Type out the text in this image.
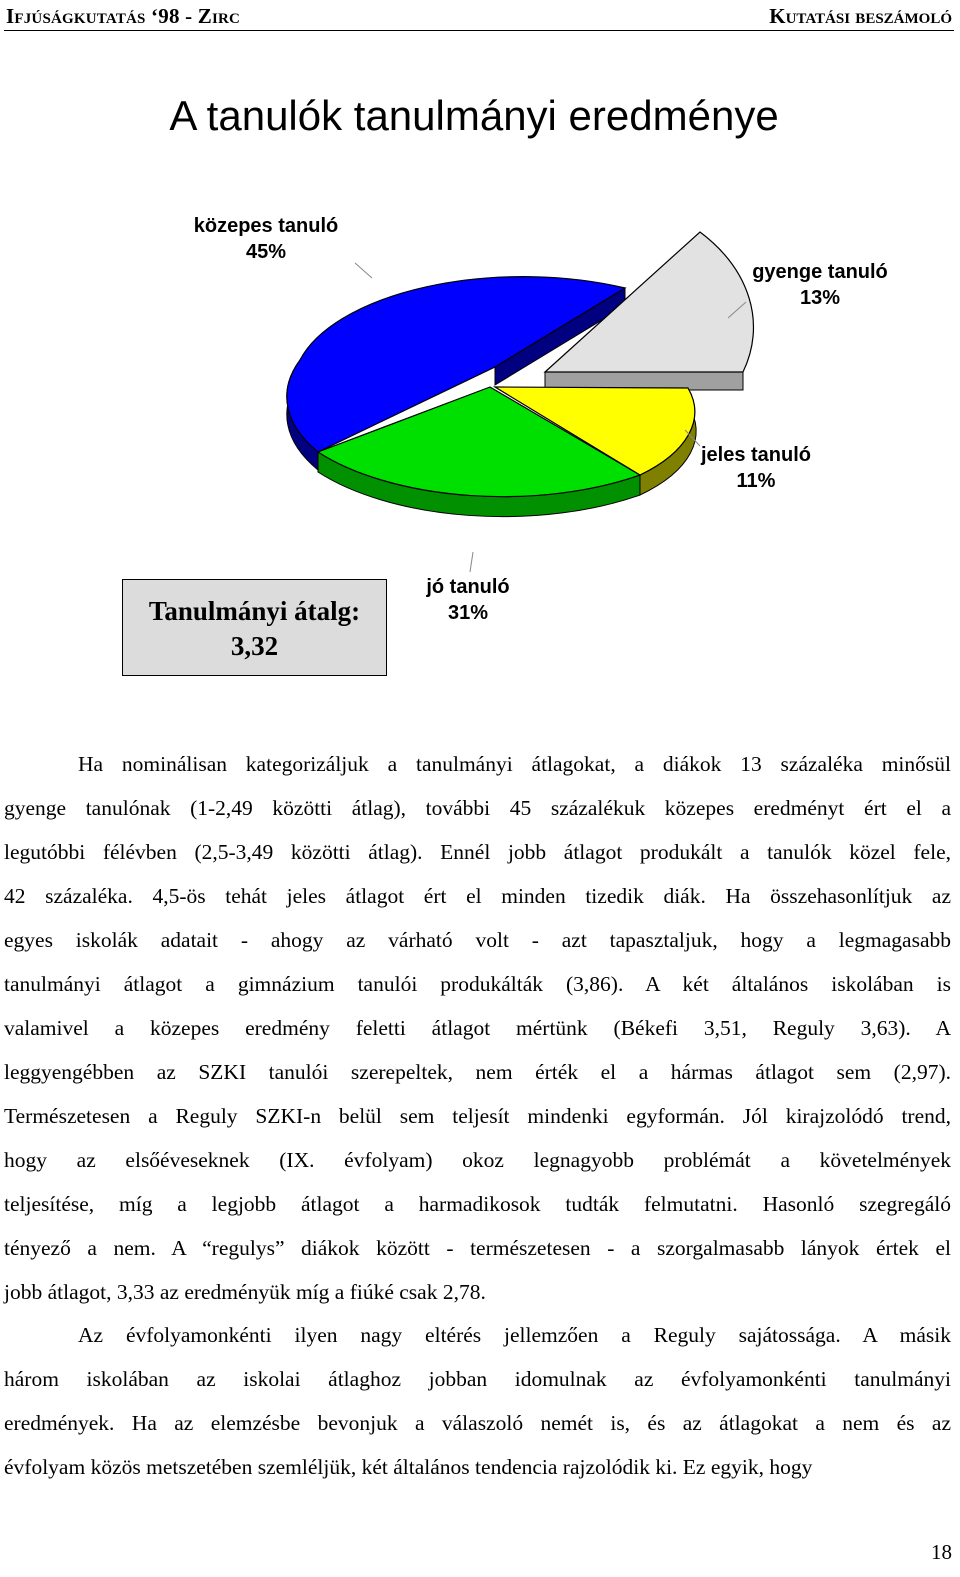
Ifjúságkutatás ‘98 - Zirc	Kutatási beszámoló
A tanulók tanulmányi eredménye
közepes tanuló
45%
gyenge tanuló
13%
jeles tanuló
11%
jó tanuló
31%
Tanulmányi átalg:
3,32
Ha nominálisan kategorizáljuk a tanulmányi átlagokat, a diákok 13 százaléka minősül
gyenge tanulónak (1-2,49 közötti átlag), további 45 százalékuk közepes eredményt ért el a
legutóbbi félévben (2,5-3,49 közötti átlag). Ennél jobb átlagot produkált a tanulók közel fele,
42 százaléka. 4,5-ös tehát jeles átlagot ért el minden tizedik diák. Ha összehasonlítjuk az
egyes iskolák adatait - ahogy az várható volt - azt tapasztaljuk, hogy a legmagasabb
tanulmányi átlagot a gimnázium tanulói produkálták (3,86). A két általános iskolában is
valamivel a közepes eredmény feletti átlagot mértünk (Békefi 3,51, Reguly 3,63). A
leggyengébben az SZKI tanulói szerepeltek, nem érték el a hármas átlagot sem (2,97).
Természetesen a Reguly SZKI-n belül sem teljesít mindenki egyformán. Jól kirajzolódó trend,
hogy az elsőéveseknek (IX. évfolyam) okoz legnagyobb problémát a követelmények
teljesítése, míg a legjobb átlagot a harmadikosok tudták felmutatni. Hasonló szegregáló
tényező a nem. A “regulys” diákok között - természetesen - a szorgalmasabb lányok értek el
jobb átlagot, 3,33 az eredményük míg a fiúké csak 2,78.
Az évfolyamonkénti ilyen nagy eltérés jellemzően a Reguly sajátossága. A másik
három iskolában az iskolai átlaghoz jobban idomulnak az évfolyamonkénti tanulmányi
eredmények. Ha az elemzésbe bevonjuk a válaszoló nemét is, és az átlagokat a nem és az
évfolyam közös metszetében szemléljük, két általános tendencia rajzolódik ki. Ez egyik, hogy
18
